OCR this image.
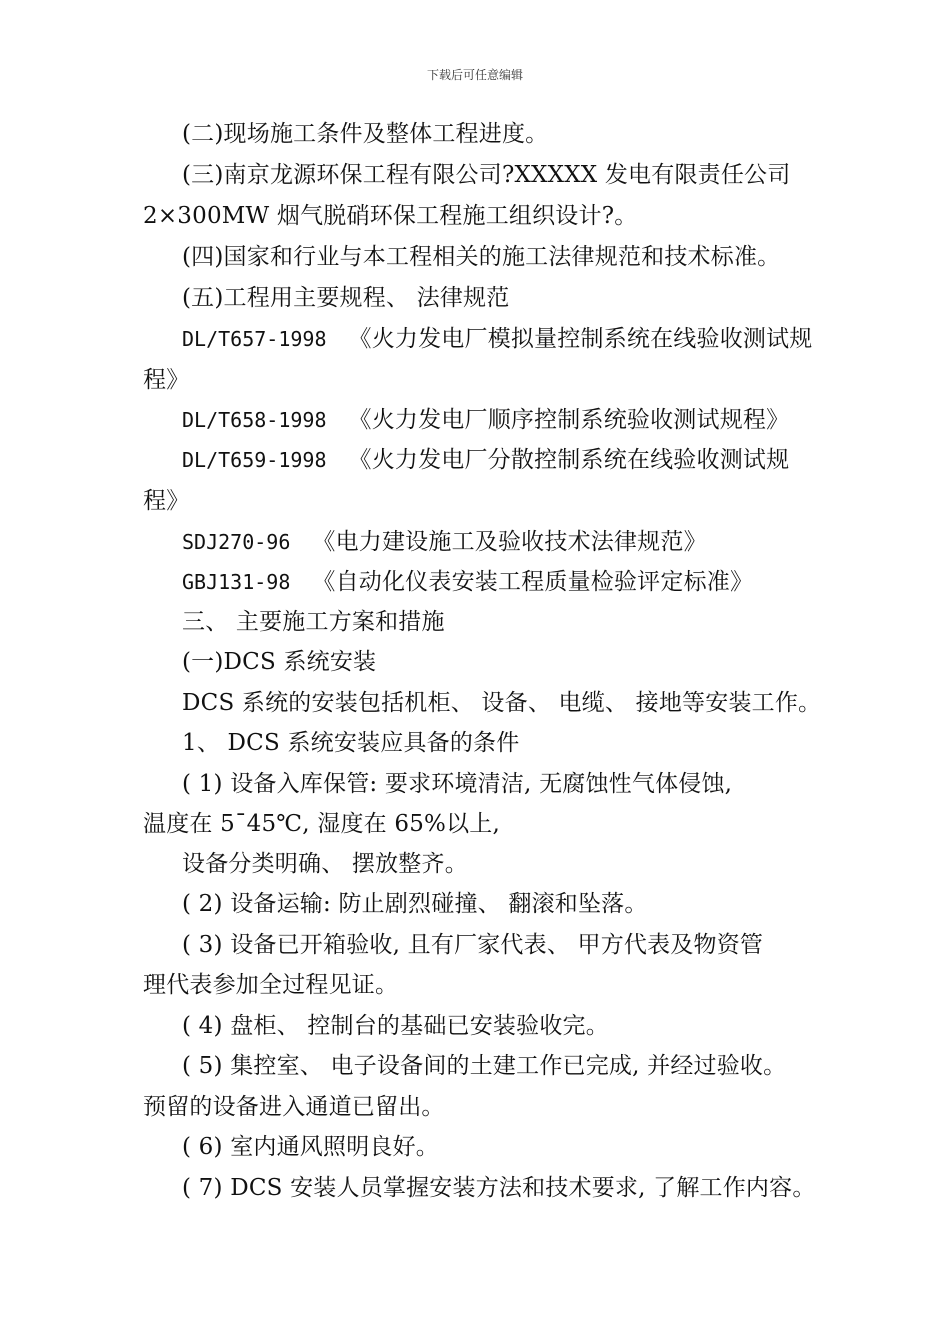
下载后可任意编辑
(二)现场施工条件及整体工程进度。
(三)南京龙源环保工程有限公司?XXXXX 发电有限责任公司
2×300MW 烟气脱硝环保工程施工组织设计?。
(四)国家和行业与本工程相关的施工法律规范和技术标准。
(五)工程用主要规程、 法律规范
DL/T657-1998 《火力发电厂模拟量控制系统在线验收测试规
程》
DL/T658-1998 《火力发电厂顺序控制系统验收测试规程》
DL/T659-1998 《火力发电厂分散控制系统在线验收测试规
程》
SDJ270-96 《电力建设施工及验收技术法律规范》
GBJ131-98 《自动化仪表安装工程质量检验评定标准》
三、 主要施工方案和措施
(一)DCS 系统安装
DCS 系统的安装包括机柜、 设备、 电缆、 接地等安装工作。
1、 DCS 系统安装应具备的条件
( 1) 设备入库保管: 要求环境清洁, 无腐蚀性气体侵蚀,
温度在 5¯45℃, 湿度在 65%以上,
设备分类明确、 摆放整齐。
( 2) 设备运输: 防止剧烈碰撞、 翻滚和坠落。
( 3) 设备已开箱验收, 且有厂家代表、 甲方代表及物资管
理代表参加全过程见证。
( 4) 盘柜、 控制台的基础已安装验收完。
( 5) 集控室、 电子设备间的土建工作已完成, 并经过验收。
预留的设备进入通道已留出。
( 6) 室内通风照明良好。
( 7) DCS 安装人员掌握安装方法和技术要求, 了解工作内容。
